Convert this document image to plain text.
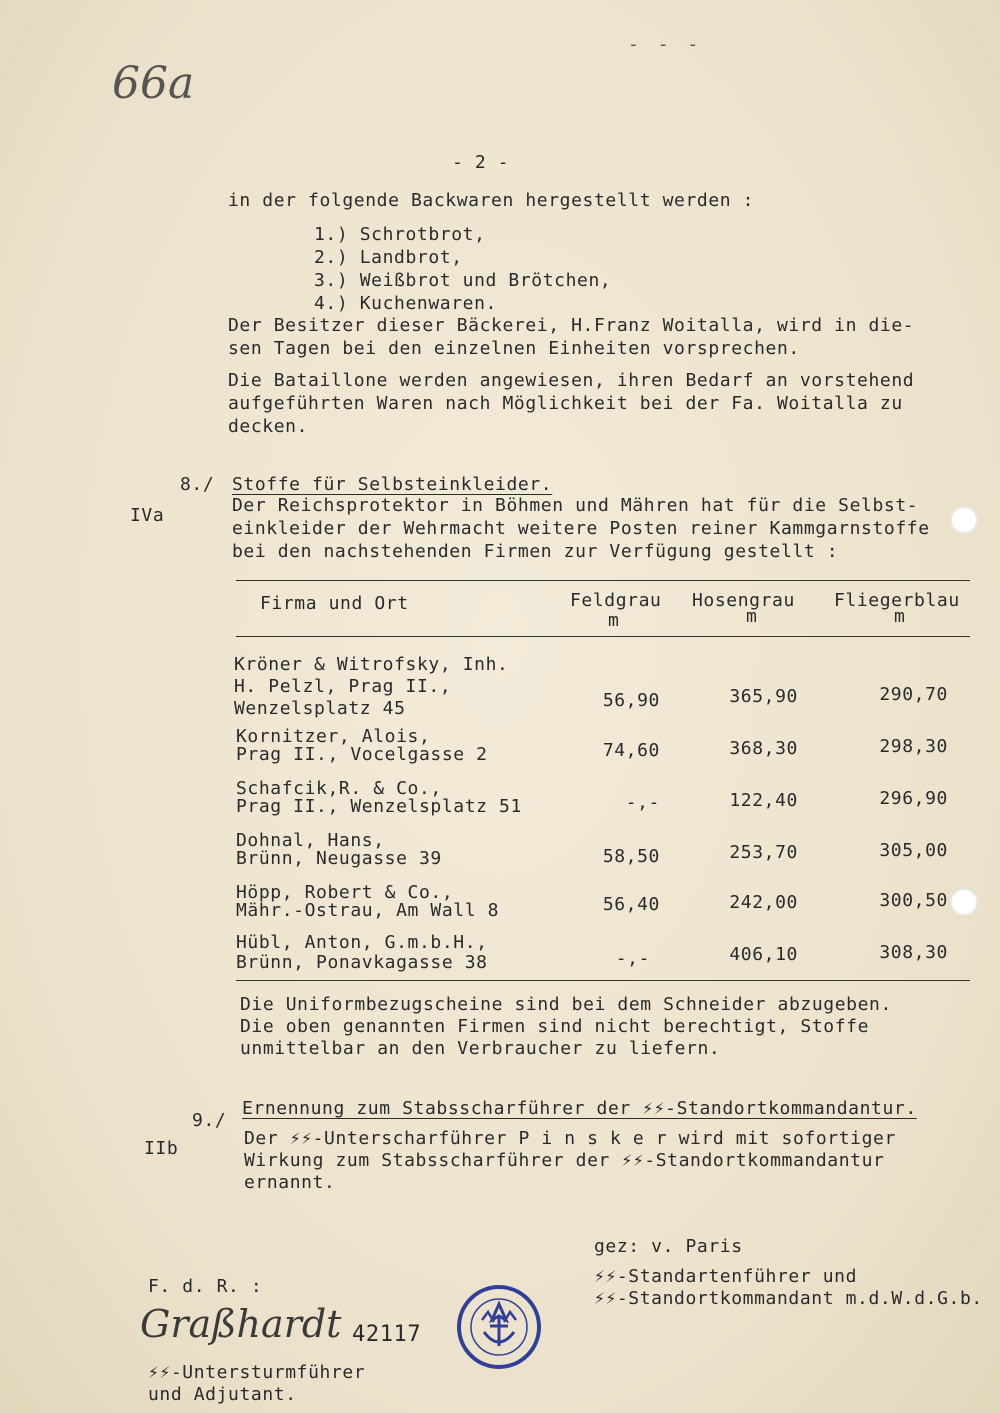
66a
- - -
- 2 -
in der folgende Backwaren hergestellt werden :
1.) Schrotbrot,
2.) Landbrot,
3.) Weißbrot und Brötchen,
4.) Kuchenwaren.
Der Besitzer dieser Bäckerei, H.Franz Woitalla, wird in die-
sen Tagen bei den einzelnen Einheiten vorsprechen.
Die Bataillone werden angewiesen, ihren Bedarf an vorstehend
aufgeführten Waren nach Möglichkeit bei der Fa. Woitalla zu
decken.
8./ Stoffe für Selbsteinkleider.
IVa	Der Reichsprotektor in Böhmen und Mähren hat für die Selbst-
einkleider der Wehrmacht weitere Posten reiner Kammgarnstoffe
bei den nachstehenden Firmen zur Verfügung gestellt :
Firma und Ort	Feldgrau Hosengrau Fliegerblau
m	m	m
Kröner & Witrofsky, Inh.
H. Pelzl, Prag II.,
Wenzelsplatz 45	56,90	365,90	290,70
Kornitzer, Alois,
Prag II., Vocelgasse 2	74,60	368,30	298,30
Schafcik,R. & Co.,
Prag II., Wenzelsplatz 51	-,-	122,40	296,90
Dohnal, Hans,
Brünn, Neugasse 39	58,50	253,70	305,00
Höpp, Robert & Co.,
Mähr.-Ostrau, Am Wall 8	56,40	242,00	300,50
Hübl, Anton, G.m.b.H.,
Brünn, Ponavkagasse 38	-,-	406,10	308,30
Die Uniformbezugscheine sind bei dem Schneider abzugeben.
Die oben genannten Firmen sind nicht berechtigt, Stoffe
unmittelbar an den Verbraucher zu liefern.
9./
Ernennung zum Stabsscharführer der ⚡⚡-Standortkommandantur.
IIb	Der ⚡⚡-Unterscharführer P i n s k e r wird mit sofortiger
Wirkung zum Stabsscharführer der ⚡⚡-Standortkommandantur
ernannt.
gez: v. Paris
⚡⚡-Standartenführer und
⚡⚡-Standortkommandant m.d.W.d.G.b.
F. d. R. :
Graßhardt 42117
⚡⚡-Untersturmführer
und Adjutant.
